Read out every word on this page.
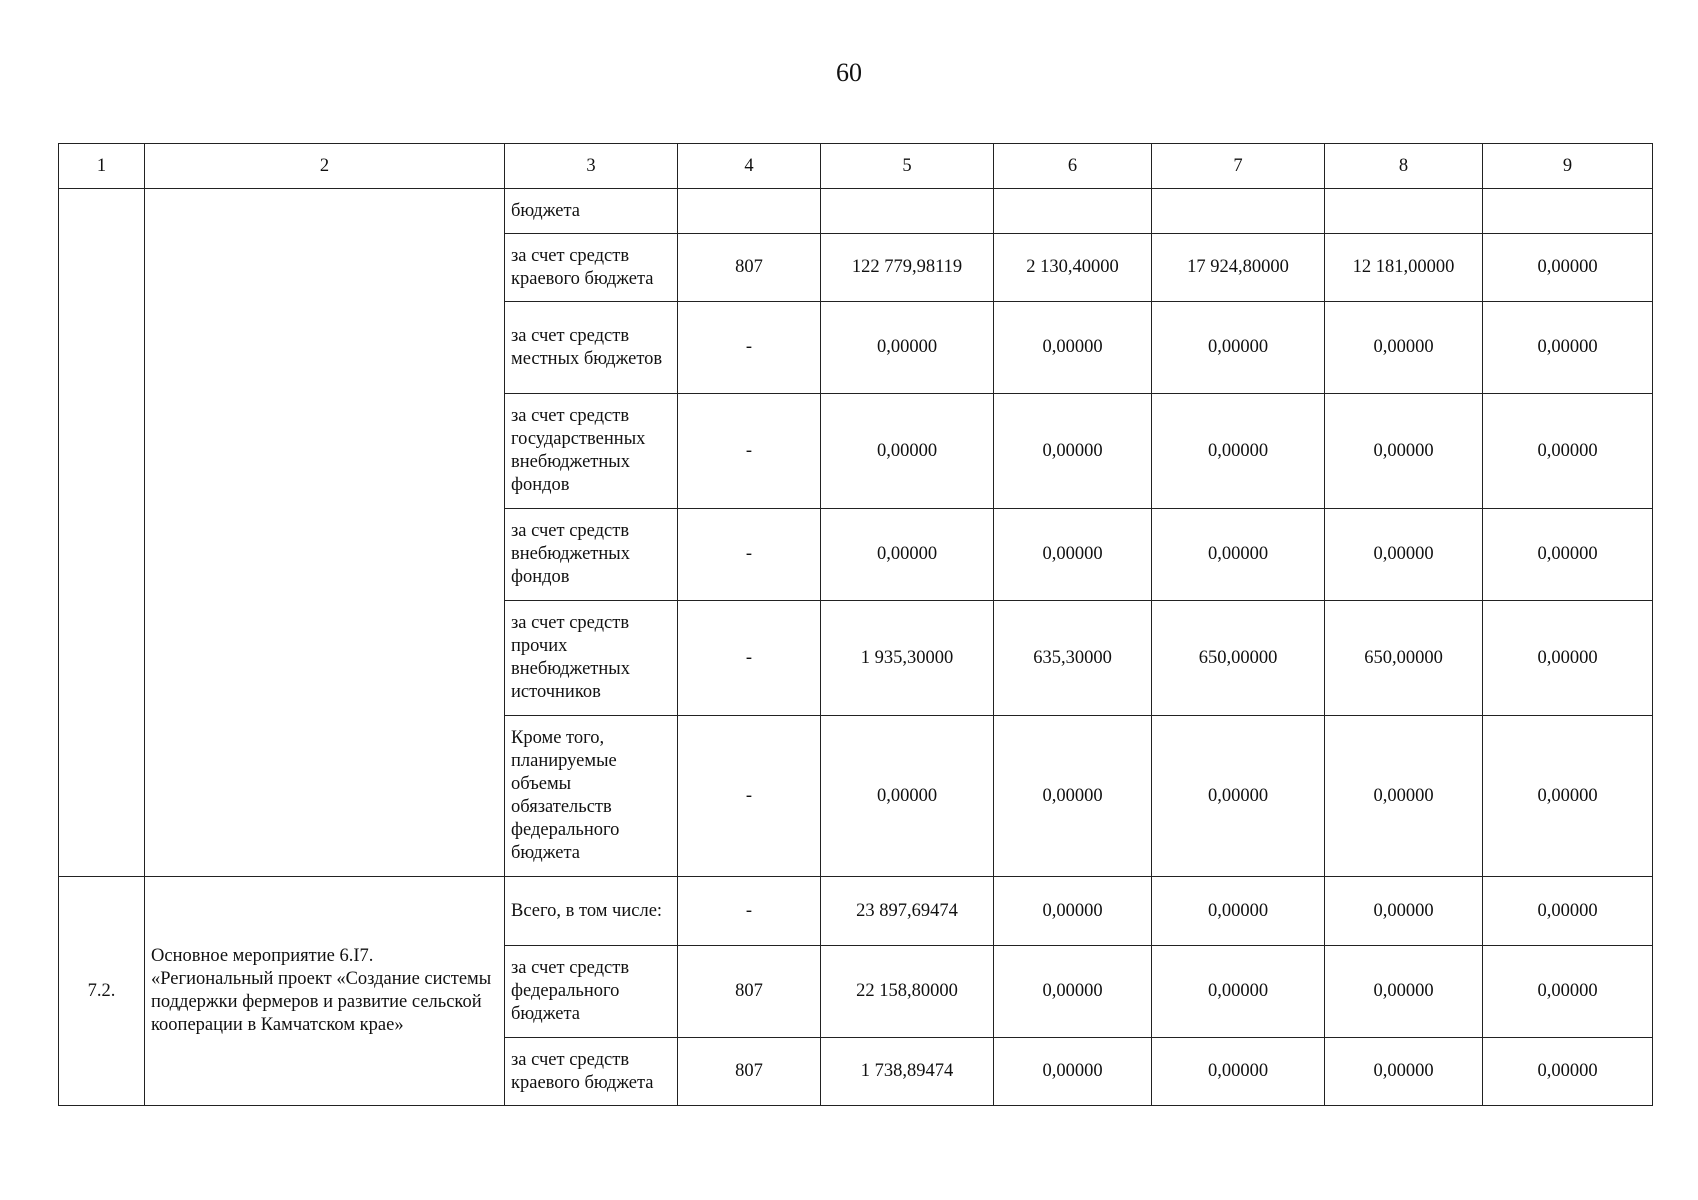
60
1	2	3	4	5	6	7	8	9
		бюджета						
		за счет средств краевого бюджета	807	122 779,98119	2 130,40000	17 924,80000	12 181,00000	0,00000
		за счет средств местных бюджетов	-	0,00000	0,00000	0,00000	0,00000	0,00000
		за счет средств государственных внебюджетных фондов	-	0,00000	0,00000	0,00000	0,00000	0,00000
		за счет средств внебюджетных фондов	-	0,00000	0,00000	0,00000	0,00000	0,00000
		за счет средств прочих внебюджетных источников	-	1 935,30000	635,30000	650,00000	650,00000	0,00000
		Кроме того, планируемые объемы обязательств федерального бюджета	-	0,00000	0,00000	0,00000	0,00000	0,00000
7.2.	Основное мероприятие 6.I7. «Региональный проект «Создание системы поддержки фермеров и развитие сельской кооперации в Камчатском крае»	Всего, в том числе:	-	23 897,69474	0,00000	0,00000	0,00000	0,00000
		за счет средств федерального бюджета	807	22 158,80000	0,00000	0,00000	0,00000	0,00000
		за счет средств краевого бюджета	807	1 738,89474	0,00000	0,00000	0,00000	0,00000
